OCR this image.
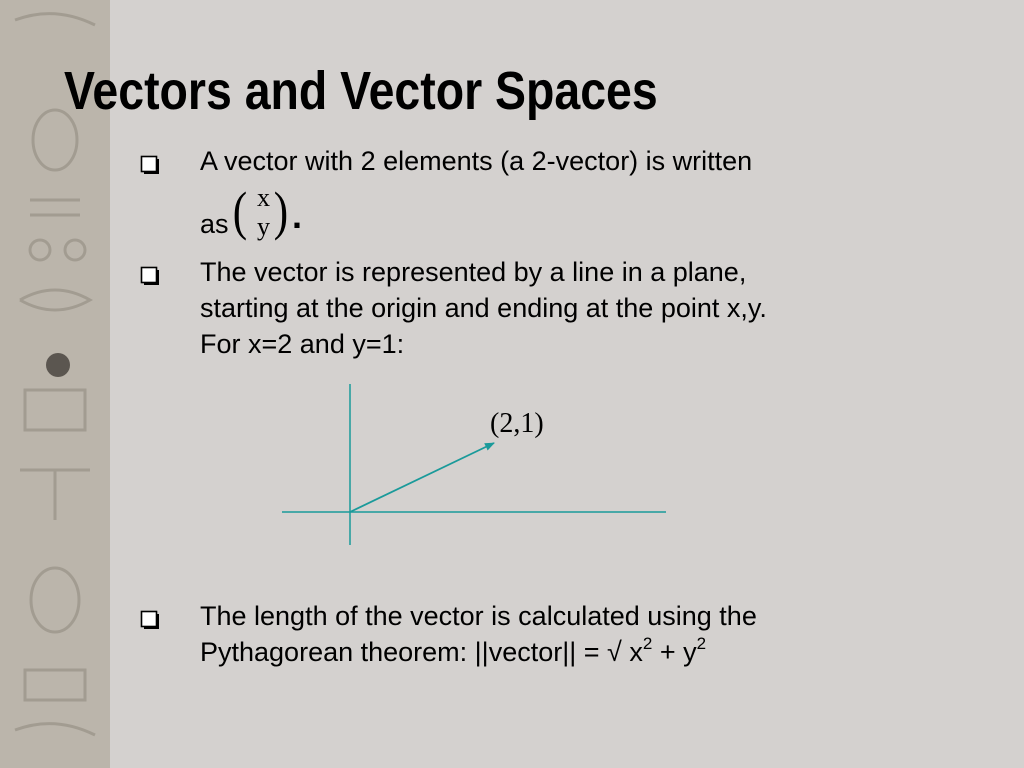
Vectors and Vector Spaces
A vector with 2 elements (a 2-vector) is written
as ( x
y ) .
The vector is represented by a line in a plane,
starting at the origin and ending at the point x,y.
For x=2 and y=1:
(2,1)
The length of the vector is calculated using the
Pythagorean theorem: ||vector|| = √ $x^2 + y^2$
